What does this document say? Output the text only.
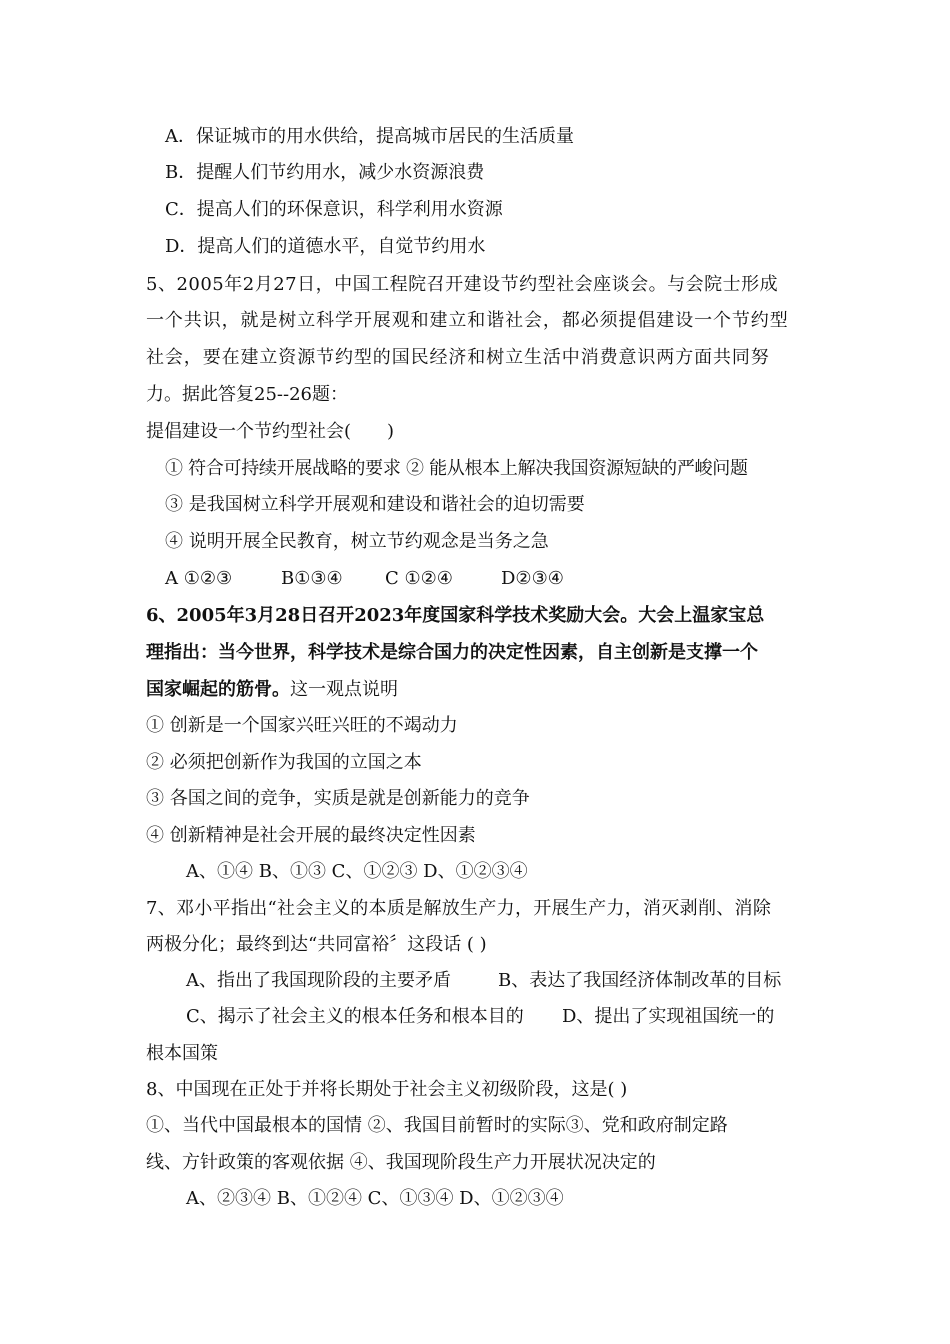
A．保证城市的用水供给，提高城市居民的生活质量
B．提醒人们节约用水，减少水资源浪费
C．提高人们的环保意识，科学利用水资源
D．提高人们的道德水平，自觉节约用水
5、2005年2月27日，中国工程院召开建设节约型社会座谈会。与会院士形成
一个共识，就是树立科学开展观和建立和谐社会，都必须提倡建设一个节约型
社会，要在建立资源节约型的国民经济和树立生活中消费意识两方面共同努
力。据此答复25--26题：
提倡建设一个节约型社会(　　)
① 符合可持续开展战略的要求 ② 能从根本上解决我国资源短缺的严峻问题
③ 是我国树立科学开展观和建设和谐社会的迫切需要
④ 说明开展全民教育，树立节约观念是当务之急
A ①②③	B①③④ C ①②④	D②③④
6、2005年3月28日召开2023年度国家科学技术奖励大会。大会上温家宝总
理指出：当今世界，科学技术是综合国力的决定性因素，自主创新是支撑一个
国家崛起的筋骨。这一观点说明
① 创新是一个国家兴旺兴旺的不竭动力
② 必须把创新作为我国的立国之本
③ 各国之间的竞争，实质是就是创新能力的竞争
④ 创新精神是社会开展的最终决定性因素
A、①④ B、①③ C、①②③ D、①②③④
7、邓小平指出“社会主义的本质是解放生产力，开展生产力，消灭剥削、消除
两极分化；最终到达“共同富裕〞这段话 ( )
A、指出了我国现阶段的主要矛盾	B、表达了我国经济体制改革的目标
C、揭示了社会主义的根本任务和根本目的 D、提出了实现祖国统一的
根本国策
8、中国现在正处于并将长期处于社会主义初级阶段，这是( )
①、当代中国最根本的国情 ②、我国目前暂时的实际③、党和政府制定路
线、方针政策的客观依据 ④、我国现阶段生产力开展状况决定的
A、②③④ B、①②④ C、①③④ D、①②③④
